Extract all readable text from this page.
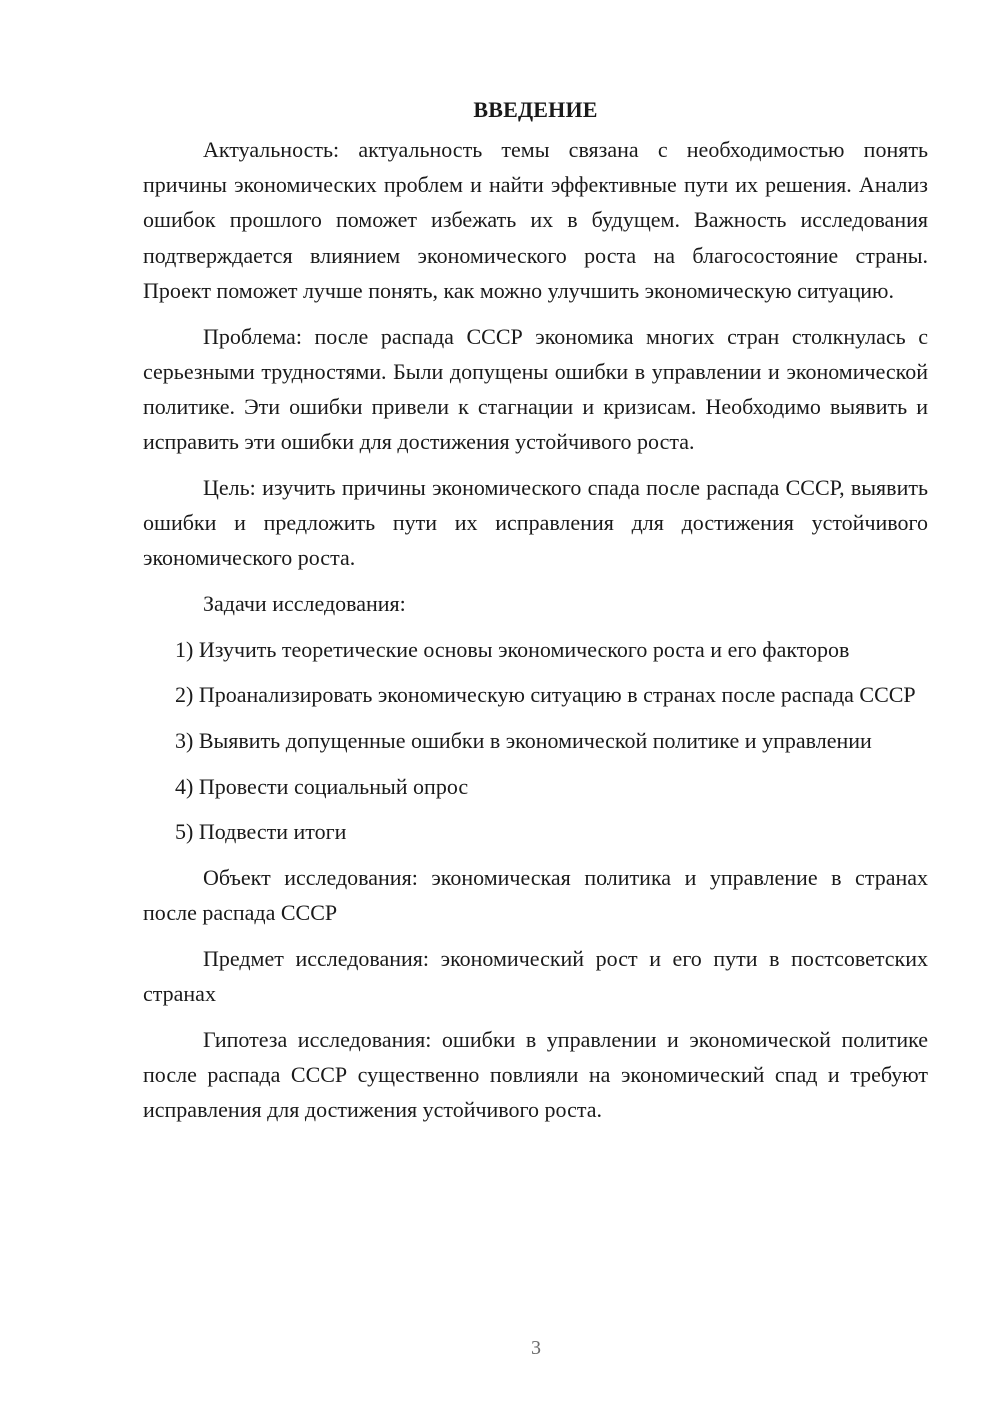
ВВЕДЕНИЕ

Актуальность: актуальность темы связана с необходимостью понять причины экономических проблем и найти эффективные пути их решения. Анализ ошибок прошлого поможет избежать их в будущем. Важность исследования подтверждается влиянием экономического роста на благосостояние страны. Проект поможет лучше понять, как можно улучшить экономическую ситуацию.

Проблема: после распада СССР экономика многих стран столкнулась с серьезными трудностями. Были допущены ошибки в управлении и экономической политике. Эти ошибки привели к стагнации и кризисам. Необходимо выявить и исправить эти ошибки для достижения устойчивого роста.

Цель: изучить причины экономического спада после распада СССР, выявить ошибки и предложить пути их исправления для достижения устойчивого экономического роста.

Задачи исследования:

1) Изучить теоретические основы экономического роста и его факторов

2) Проанализировать экономическую ситуацию в странах после распада СССР

3) Выявить допущенные ошибки в экономической политике и управлении

4) Провести социальный опрос

5) Подвести итоги

Объект исследования: экономическая политика и управление в странах после распада СССР

Предмет исследования: экономический рост и его пути в постсоветских странах

Гипотеза исследования: ошибки в управлении и экономической политике после распада СССР существенно повлияли на экономический спад и требуют исправления для достижения устойчивого роста.

3
